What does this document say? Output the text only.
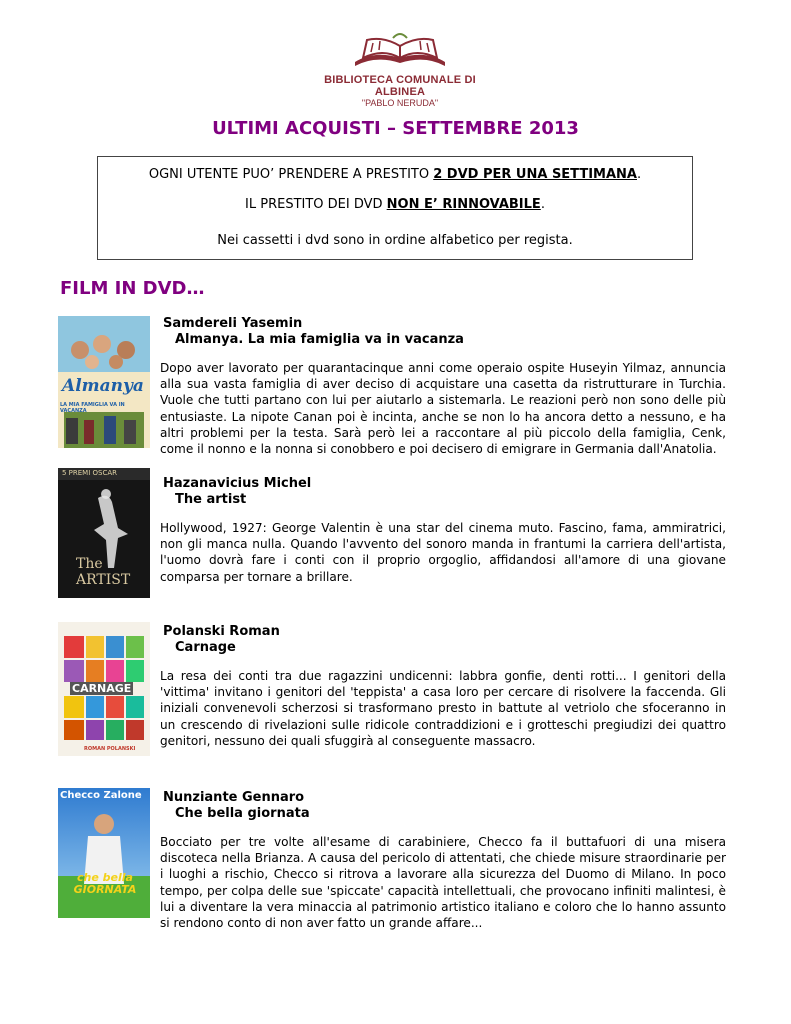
BIBLIOTECA COMUNALE DI ALBINEA
"PABLO NERUDA"
ULTIMI ACQUISTI – SETTEMBRE 2013

OGNI UTENTE PUO’ PRENDERE A PRESTITO 2 DVD PER UNA SETTIMANA.

IL PRESTITO DEI DVD NON E’ RINNOVABILE.

Nei cassetti i dvd sono in ordine alfabetico per regista.

FILM IN DVD…
Almanya
LA MIA FAMIGLIA VA IN VACANZA
Samdereli Yasemin
Almanya. La mia famiglia va in vacanza

Dopo aver lavorato per quarantacinque anni come operaio ospite Huseyin Yilmaz, annuncia alla sua vasta famiglia di aver deciso di acquistare una casetta da ristrutturare in Turchia. Vuole che tutti partano con lui per aiutarlo a sistemarla. Le reazioni però non sono delle più entusiaste. La nipote Canan poi è incinta, anche se non lo ha ancora detto a nessuno, e ha altri problemi per la testa. Sarà però lei a raccontare al più piccolo della famiglia, Cenk, come il nonno e la nonna si conobbero e poi decisero di emigrare in Germania dall'Anatolia.

5 PREMI OSCAR
The ARTIST
Hazanavicius Michel
The artist

Hollywood, 1927: George Valentin è una star del cinema muto. Fascino, fama, ammiratrici, non gli manca nulla. Quando l'avvento del sonoro manda in frantumi la carriera dell'artista, l'uomo dovrà fare i conti con il proprio orgoglio, affidandosi all'amore di una giovane comparsa per tornare a brillare.

CARNAGE
ROMAN POLANSKI
Polanski Roman
Carnage

La resa dei conti tra due ragazzini undicenni: labbra gonfie, denti rotti... I genitori della 'vittima' invitano i genitori del 'teppista' a casa loro per cercare di risolvere la faccenda. Gli iniziali convenevoli scherzosi si trasformano presto in battute al vetriolo che sfoceranno in un crescendo di rivelazioni sulle ridicole contraddizioni e i grotteschi pregiudizi dei quattro genitori, nessuno dei quali sfuggirà al conseguente massacro.

Checco Zalone
che bella GIORNATA
Nunziante Gennaro
Che bella giornata

Bocciato per tre volte all'esame di carabiniere, Checco fa il buttafuori di una misera discoteca nella Brianza. A causa del pericolo di attentati, che chiede misure straordinarie per i luoghi a rischio, Checco si ritrova a lavorare alla sicurezza del Duomo di Milano. In poco tempo, per colpa delle sue 'spiccate' capacità intellettuali, che provocano infiniti malintesi, è lui a diventare la vera minaccia al patrimonio artistico italiano e coloro che lo hanno assunto si rendono conto di non aver fatto un grande affare...
